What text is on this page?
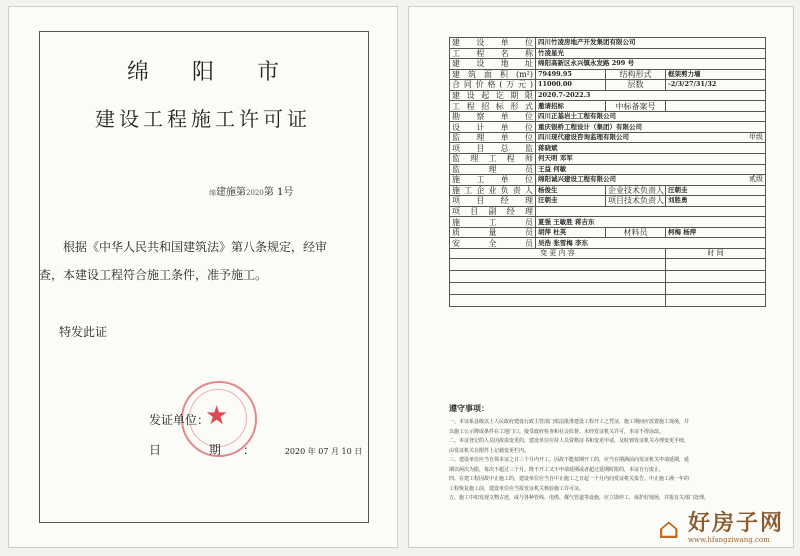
绵 阳 市
建设工程施工许可证
绵建施第2020第 1号
根据《中华人民共和国建筑法》第八条规定，经审查，本建设工程符合施工条件，准予施工。
特发此证
★
发证单位：
日 期： 2020 年 07 月 10 日
建设单位	四川竹凌房地产开发集团有限公司		
工程名称	竹凌星光		
建设地址	绵阳高新区永兴镇永发路 299 号		
建筑面积(m²)	79499.95	结构形式	框架剪力墙
合同价格(万元)	11000.00	层数	-2/3/27/31/32
建设起讫期限	2020.7-2022.3		
工程招标形式	邀请招标	中标备案号	
勘察单位	四川正基岩土工程有限公司		
设计单位	重庆银桥工程设计（集团）有限公司		
监理单位	四川现代建设咨询监理有限公司 甲级		

项目总监	蒋晓斌		
监理工程师	何天明 邓军		
监理员	王益 何敏		
施工单位	绵阳诚兴建设工程有限公司 贰级		

施工企业负责人	杨俊生	企业技术负责人	汪朝圭
项目经理	汪朝圭	项目技术负责人	刘胜勇
项目副经理			
施工员	夏强 王敏胜 蒋吉东		
质量员	胡萍 杜英	材料员	柯梅 杨萍
安全员	吴浩 张雪梅 李东		
变 更 内 容			时 间

遵守事项：
一、本证系县级以上人民政府建设行政主管部门依法批准建设工程开工之凭证，施工期间应放置施工现场，并
以施工公示牌或条件在工地门口。接受政府检查和社会监督。未经发证机关许可，本证不得涂改。
二、本证登记的人员因故需变更的，建设单位应持人员资格证书和变更申请，及时到发证机关办理变更手续，
由发证机关在附件上记载变更栏内。
三、建设单位应当自领本证之日三个月内开工。因故不能按期开工的，应当在期满前向发证机关申请延期，延
期以两次为限，每次不超过三个月。既不开工又不申请延期或者超过延期时限的，本证自行废止。
四、在建工程因故中止施工的，建设单位应当自中止施工之日起一个月内向发证机关报告。中止施工满一年的
工程恢复施工前，建设单位应当报发证机关核验施工许可证。
五、施工中如发现文物古迹，或与各种管线、电缆、煤气管道等设施，应立即停工，保护好现场，并报有关部门处理。
⌂ 好房子网
www.hfangziwang.com
